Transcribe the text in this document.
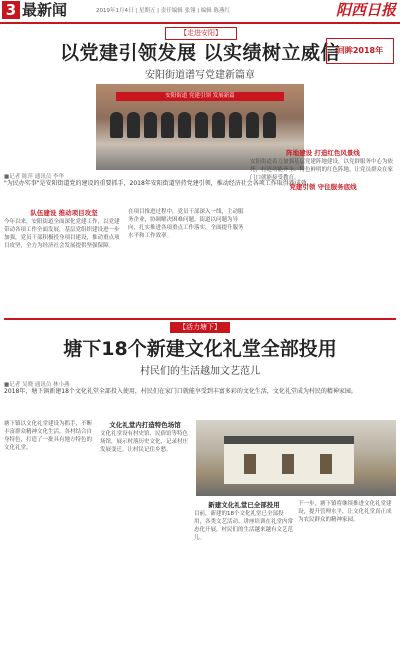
3 最新闻	2019年1月4日 | 星期五 | 责任编辑 张翎 | 编辑 陈燕红	阳西日报
【走进安阳】
以党建引领发展 以实绩树立威信
回眸2018年
安阳街道谱写党建新篇章
安阳街道 党建引领 发展新篇
■记者 陈萍 通讯员 李华
"为民办实事"是安阳街道党的建设的重要抓手，2018年安阳街道坚持党建引领，推动经济社会各项工作取得新成效。
队伍建设 推动项目攻坚
今年以来，安阳街道全面深化党建工作，以党建带动各项工作全面发展，基层党组织建设进一步加强，党员干部积极投身项目建设，推动重点项目攻坚，全力为经济社会发展提供坚强保障。
在项目推进过程中，党员干部深入一线，主动服务企业，协调解决困难问题。街道以问题为导向，扎实推进各项重点工作落实，全面提升服务水平和工作效率。
阵地建设 打造红色风景线
安阳街道着力加强基层党建阵地建设，以党群服务中心为依托，打造功能齐全、特色鲜明的红色阵地，让党员群众在家门口就能接受教育。
党建引领 守住服务底线
【活力塘下】
塘下18个新建文化礼堂全部投用
村民们的生活越加文艺范儿
■记者 吴晓 通讯员 林小燕
2018年，塘下镇新建18个文化礼堂全部投入使用，村民们在家门口就能享受到丰富多彩的文化生活，文化礼堂成为村民的精神家园。
塘下镇以文化礼堂建设为抓手，不断丰富群众精神文化生活。各村结合自身特色，打造了一批具有地方特色的文化礼堂。
文化礼堂内打造特色场馆
文化礼堂设有村史馆、民俗馆等特色场馆，展示村落历史文化，记录村庄发展变迁，让村民记住乡愁。
新建文化礼堂已全部投用
目前，新建的18个文化礼堂已全部投用，各类文艺活动、讲座培训在礼堂内常态化开展，村民们的生活越来越有文艺范儿。
下一步，塘下镇将继续推进文化礼堂建设，提升管理水平，让文化礼堂真正成为农民群众的精神家园。
